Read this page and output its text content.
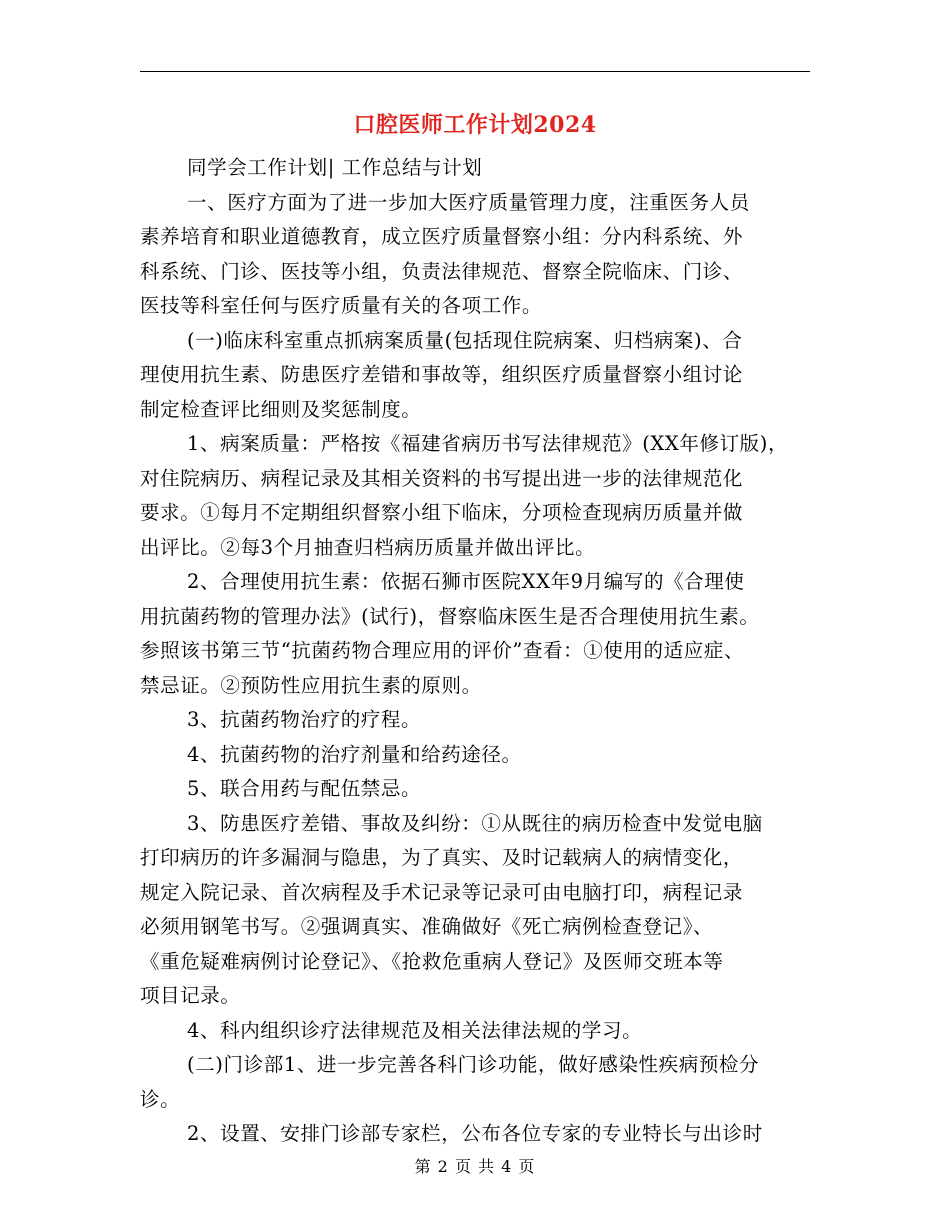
口腔医师工作计划2024
同学会工作计划| 工作总结与计划
一、医疗方面为了进一步加大医疗质量管理力度，注重医务人员
素养培育和职业道德教育，成立医疗质量督察小组：分内科系统、外
科系统、门诊、医技等小组，负责法律规范、督察全院临床、门诊、
医技等科室任何与医疗质量有关的各项工作。
(一)临床科室重点抓病案质量(包括现住院病案、归档病案)、合
理使用抗生素、防患医疗差错和事故等，组织医疗质量督察小组讨论
制定检查评比细则及奖惩制度。
1、病案质量：严格按《福建省病历书写法律规范》(XX年修订版)，
对住院病历、病程记录及其相关资料的书写提出进一步的法律规范化
要求。①每月不定期组织督察小组下临床，分项检查现病历质量并做
出评比。②每3个月抽查归档病历质量并做出评比。
2、合理使用抗生素：依据石狮市医院XX年9月编写的《合理使
用抗菌药物的管理办法》(试行)，督察临床医生是否合理使用抗生素。
参照该书第三节“抗菌药物合理应用的评价”查看：①使用的适应症、
禁忌证。②预防性应用抗生素的原则。
3、抗菌药物治疗的疗程。
4、抗菌药物的治疗剂量和给药途径。
5、联合用药与配伍禁忌。
3、防患医疗差错、事故及纠纷：①从既往的病历检查中发觉电脑
打印病历的许多漏洞与隐患，为了真实、及时记载病人的病情变化，
规定入院记录、首次病程及手术记录等记录可由电脑打印，病程记录
必须用钢笔书写。②强调真实、准确做好《死亡病例检查登记》、
《重危疑难病例讨论登记》、《抢救危重病人登记》及医师交班本等
项目记录。
4、科内组织诊疗法律规范及相关法律法规的学习。
(二)门诊部1、进一步完善各科门诊功能，做好感染性疾病预检分
诊。
2、设置、安排门诊部专家栏，公布各位专家的专业特长与出诊时
第 2 页 共 4 页
